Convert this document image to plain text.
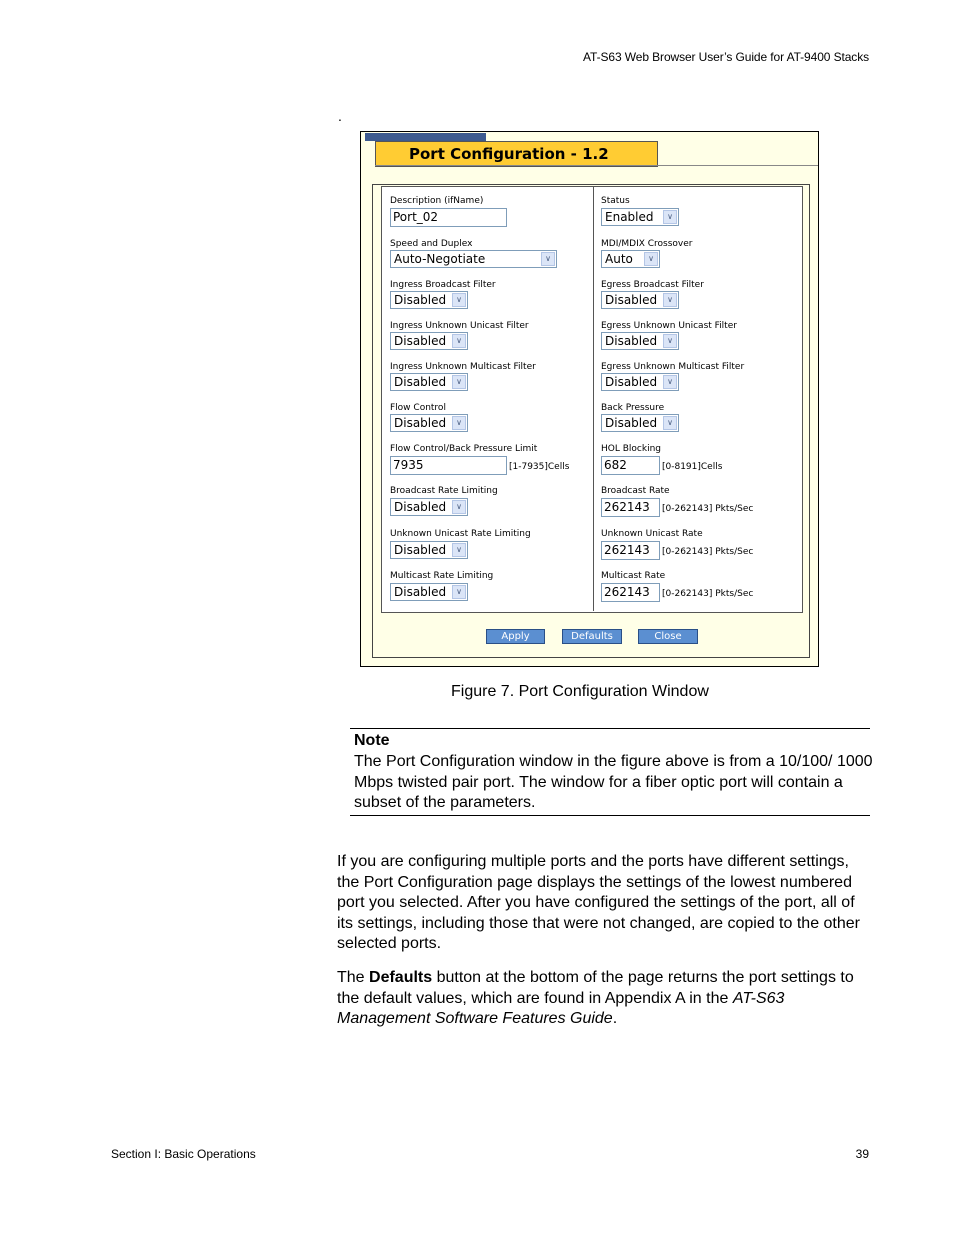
AT-S63 Web Browser User’s Guide for AT-9400 Stacks
.
Port Configuration - 1.2
Description (ifName)
Port_02
Speed and Duplex
Auto-Negotiate	∨
Ingress Broadcast Filter
Disabled	∨
Ingress Unknown Unicast Filter
Disabled	∨
Ingress Unknown Multicast Filter
Disabled	∨
Flow Control
Disabled	∨
Flow Control/Back Pressure Limit
7935	[1-7935]Cells
Broadcast Rate Limiting
Disabled	∨
Unknown Unicast Rate Limiting
Disabled	∨
Multicast Rate Limiting
Disabled	∨
Status
Enabled	∨
MDI/MDIX Crossover
Auto	∨
Egress Broadcast Filter
Disabled	∨
Egress Unknown Unicast Filter
Disabled	∨
Egress Unknown Multicast Filter
Disabled	∨
Back Pressure
Disabled	∨
HOL Blocking
682	[0-8191]Cells
Broadcast Rate
262143	[0-262143] Pkts/Sec
Unknown Unicast Rate
262143	[0-262143] Pkts/Sec
Multicast Rate
262143	[0-262143] Pkts/Sec
Apply	Defaults	Close
Figure 7. Port Configuration Window
Note
The Port Configuration window in the figure above is from a 10/100/ 1000 Mbps twisted pair port. The window for a fiber optic port will contain a subset of the parameters.
If you are configuring multiple ports and the ports have different settings, the Port Configuration page displays the settings of the lowest numbered port you selected. After you have configured the settings of the port, all of its settings, including those that were not changed, are copied to the other selected ports.
The Defaults button at the bottom of the page returns the port settings to the default values, which are found in Appendix A in the AT-S63 Management Software Features Guide.
Section I: Basic Operations	39
